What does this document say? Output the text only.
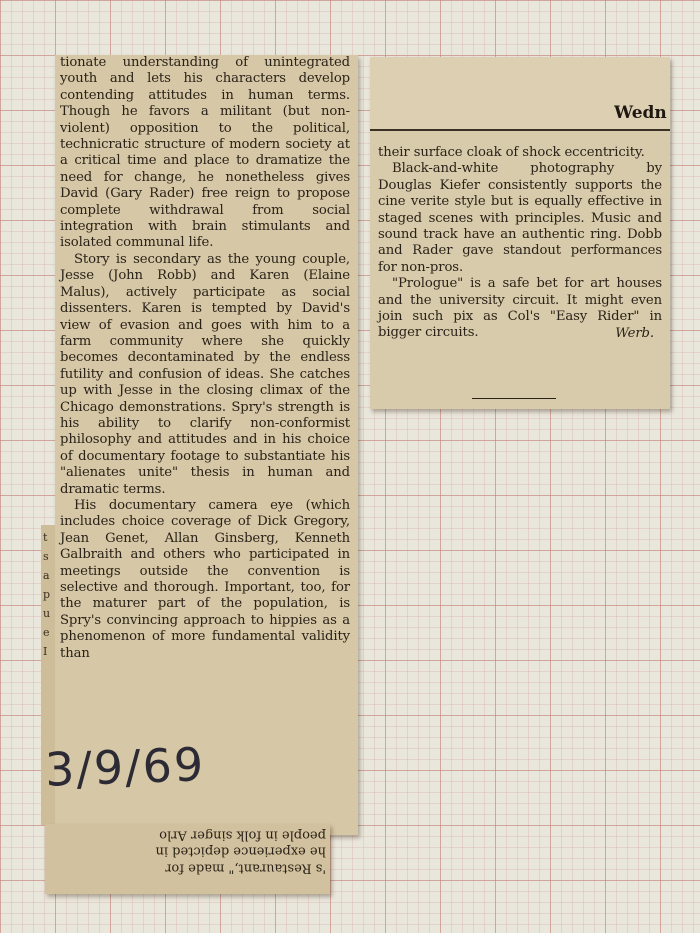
t
s
a
p
u
e
I

tionate understanding of unintegrated youth and lets his characters develop contending attitudes in human terms. Though he favors a militant (but non-violent) opposition to the political, technicratic structure of modern society at a critical time and place to dramatize the need for change, he nonetheless gives David (Gary Rader) free reign to propose complete withdrawal from social integration with brain stimulants and isolated communal life.

Story is secondary as the young couple, Jesse (John Robb) and Karen (Elaine Malus), actively participate as social dissenters. Karen is tempted by David's view of evasion and goes with him to a farm community where she quickly becomes decontaminated by the endless futility and confusion of ideas. She catches up with Jesse in the closing climax of the Chicago demonstrations. Spry's strength is his ability to clarify non-conformist philosophy and attitudes and in his choice of documentary footage to substantiate his "alienates unite" thesis in human and dramatic terms.

His documentary camera eye (which includes choice coverage of Dick Gregory, Jean Genet, Allan Ginsberg, Kenneth Galbraith and others who participated in meetings outside the convention is selective and thorough. Important, too, for the maturer part of the population, is Spry's convincing approach to hippies as a phenomenon of more fundamental validity than

3/9/69
's Restaurant," made for
he experience depicted in
people in folk singer Arlo
Wedn

their surface cloak of shock eccentricity.

Black-and-white photography by Douglas Kiefer consistently supports the cine verite style but is equally effective in staged scenes with principles. Music and sound track have an authentic ring. Dobb and Rader gave standout performances for non-pros.

"Prologue" is a safe bet for art houses and the university circuit. It might even join such pix as Col's "Easy Rider" in bigger circuits.	Werb.
